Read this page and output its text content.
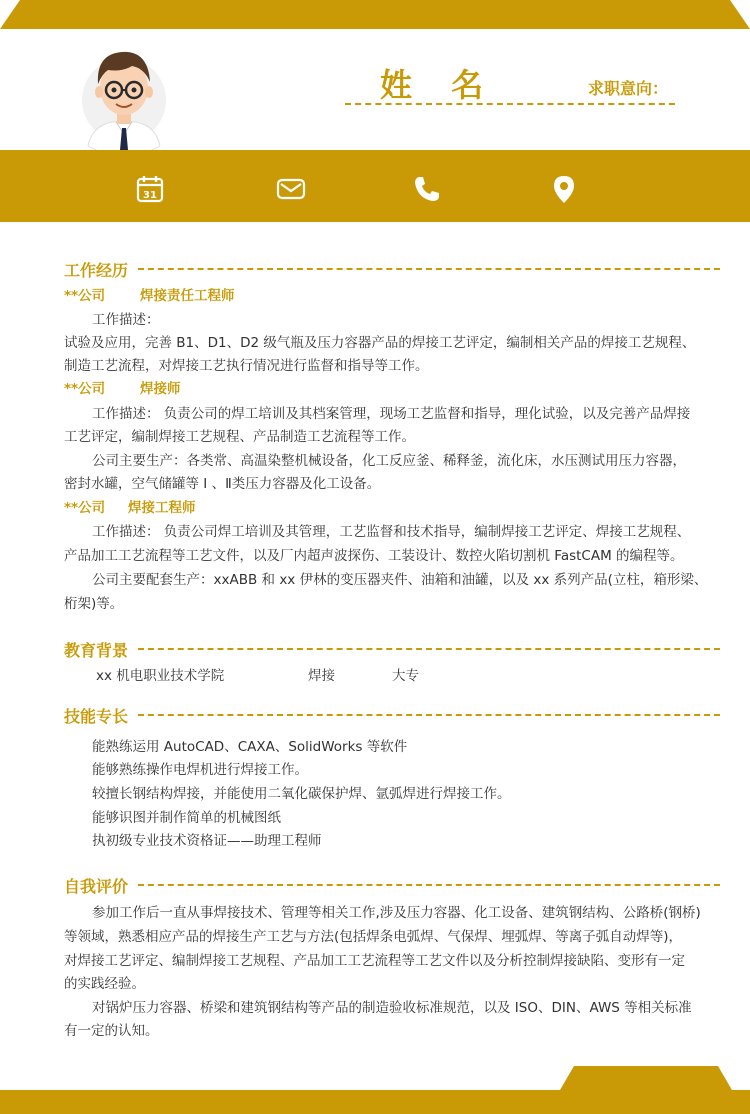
姓 名	求职意向：
31
工作经历
**公司	焊接责任工程师
工作描述：
试验及应用，完善 B1、D1、D2 级气瓶及压力容器产品的焊接工艺评定，编制相关产品的焊接工艺规程、
制造工艺流程，对焊接工艺执行情况进行监督和指导等工作。
**公司	焊接师
工作描述： 负责公司的焊工培训及其档案管理，现场工艺监督和指导，理化试验，以及完善产品焊接
工艺评定，编制焊接工艺规程、产品制造工艺流程等工作。
公司主要生产：各类常、高温染整机械设备，化工反应釜、稀释釜，流化床，水压测试用压力容器，
密封水罐，空气储罐等 Ⅰ 、Ⅱ类压力容器及化工设备。
**公司 焊接工程师
工作描述： 负责公司焊工培训及其管理，工艺监督和技术指导，编制焊接工艺评定、焊接工艺规程、
产品加工工艺流程等工艺文件，以及厂内超声波探伤、工装设计、数控火陷切割机 FastCAM 的编程等。
公司主要配套生产：xxABB 和 xx 伊林的变压器夹件、油箱和油罐，以及 xx 系列产品(立柱，箱形梁、
桁架)等。
教育背景
xx 机电职业技术学院	焊接	大专
技能专长
能熟练运用 AutoCAD、CAXA、SolidWorks 等软件
能够熟练操作电焊机进行焊接工作。
较擅长钢结构焊接，并能使用二氧化碳保护焊、氩弧焊进行焊接工作。
能够识图并制作简单的机械图纸
执初级专业技术资格证——助理工程师
自我评价
参加工作后一直从事焊接技术、管理等相关工作,涉及压力容器、化工设备、建筑钢结构、公路桥(钢桥)
等领域，熟悉相应产品的焊接生产工艺与方法(包括焊条电弧焊、气保焊、埋弧焊、等离子弧自动焊等)，
对焊接工艺评定、编制焊接工艺规程、产品加工工艺流程等工艺文件以及分析控制焊接缺陷、变形有一定
的实践经验。
对锅炉压力容器、桥梁和建筑钢结构等产品的制造验收标准规范，以及 ISO、DIN、AWS 等相关标准
有一定的认知。
